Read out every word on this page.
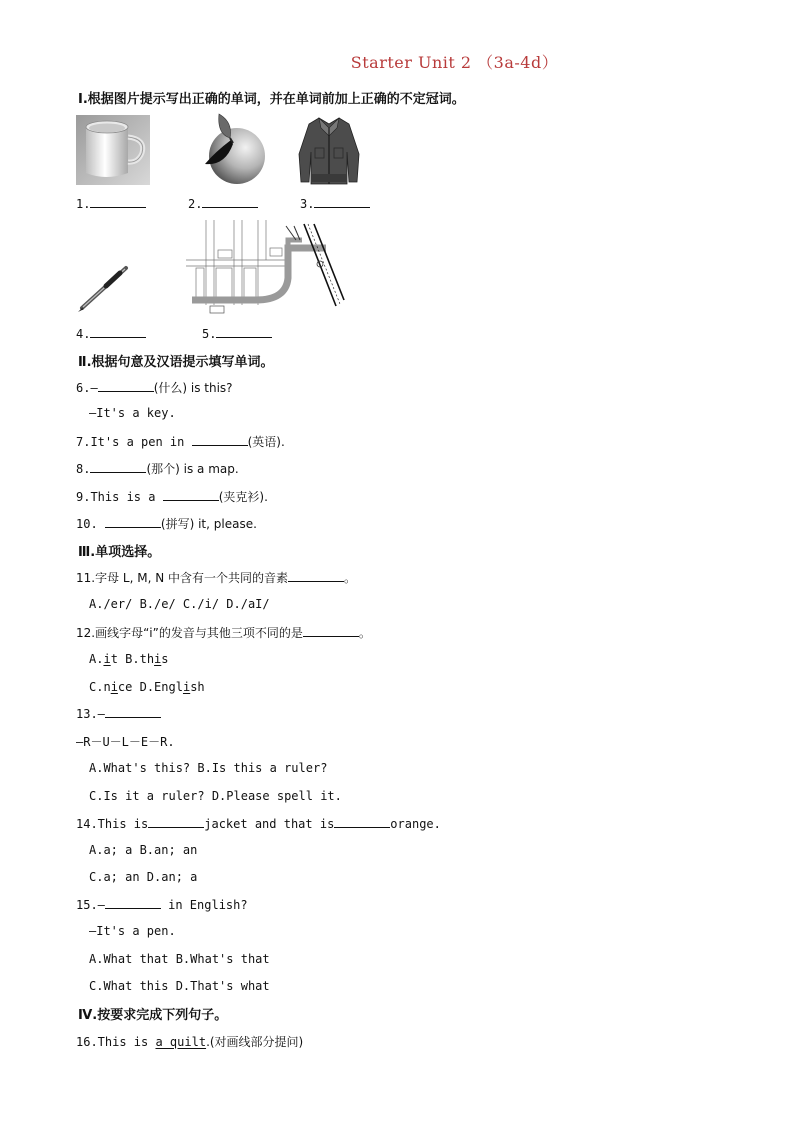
Starter Unit 2 （3a-4d）
Ⅰ.根据图片提示写出正确的单词，并在单词前加上正确的不定冠词。
1.	2.	3.
4.	5.
Ⅱ.根据句意及汉语提示填写单词。
6.—	(什么) is this?
—It's a key.
7.It's a pen in	(英语).
8.	(那个) is a map.
9.This is a	(夹克衫).
10.	(拼写) it, please.
Ⅲ.单项选择。
11.字母 L, M, N 中含有一个共同的音素	。
A./er/ B./e/ C./i/ D./aI/
12.画线字母“i”的发音与其他三项不同的是	。
A.it B.this
C.nice D.English
13.—
—R－U－L－E－R.
A.What's this? B.Is this a ruler?
C.Is it a ruler? D.Please spell it.
14.This is	jacket and that is	orange.
A.a; a B.an; an
C.a; an D.an; a
15.—	in English?
—It's a pen.
A.What that B.What's that
C.What this D.That's what
Ⅳ.按要求完成下列句子。
16.This is a quilt.(对画线部分提问)
